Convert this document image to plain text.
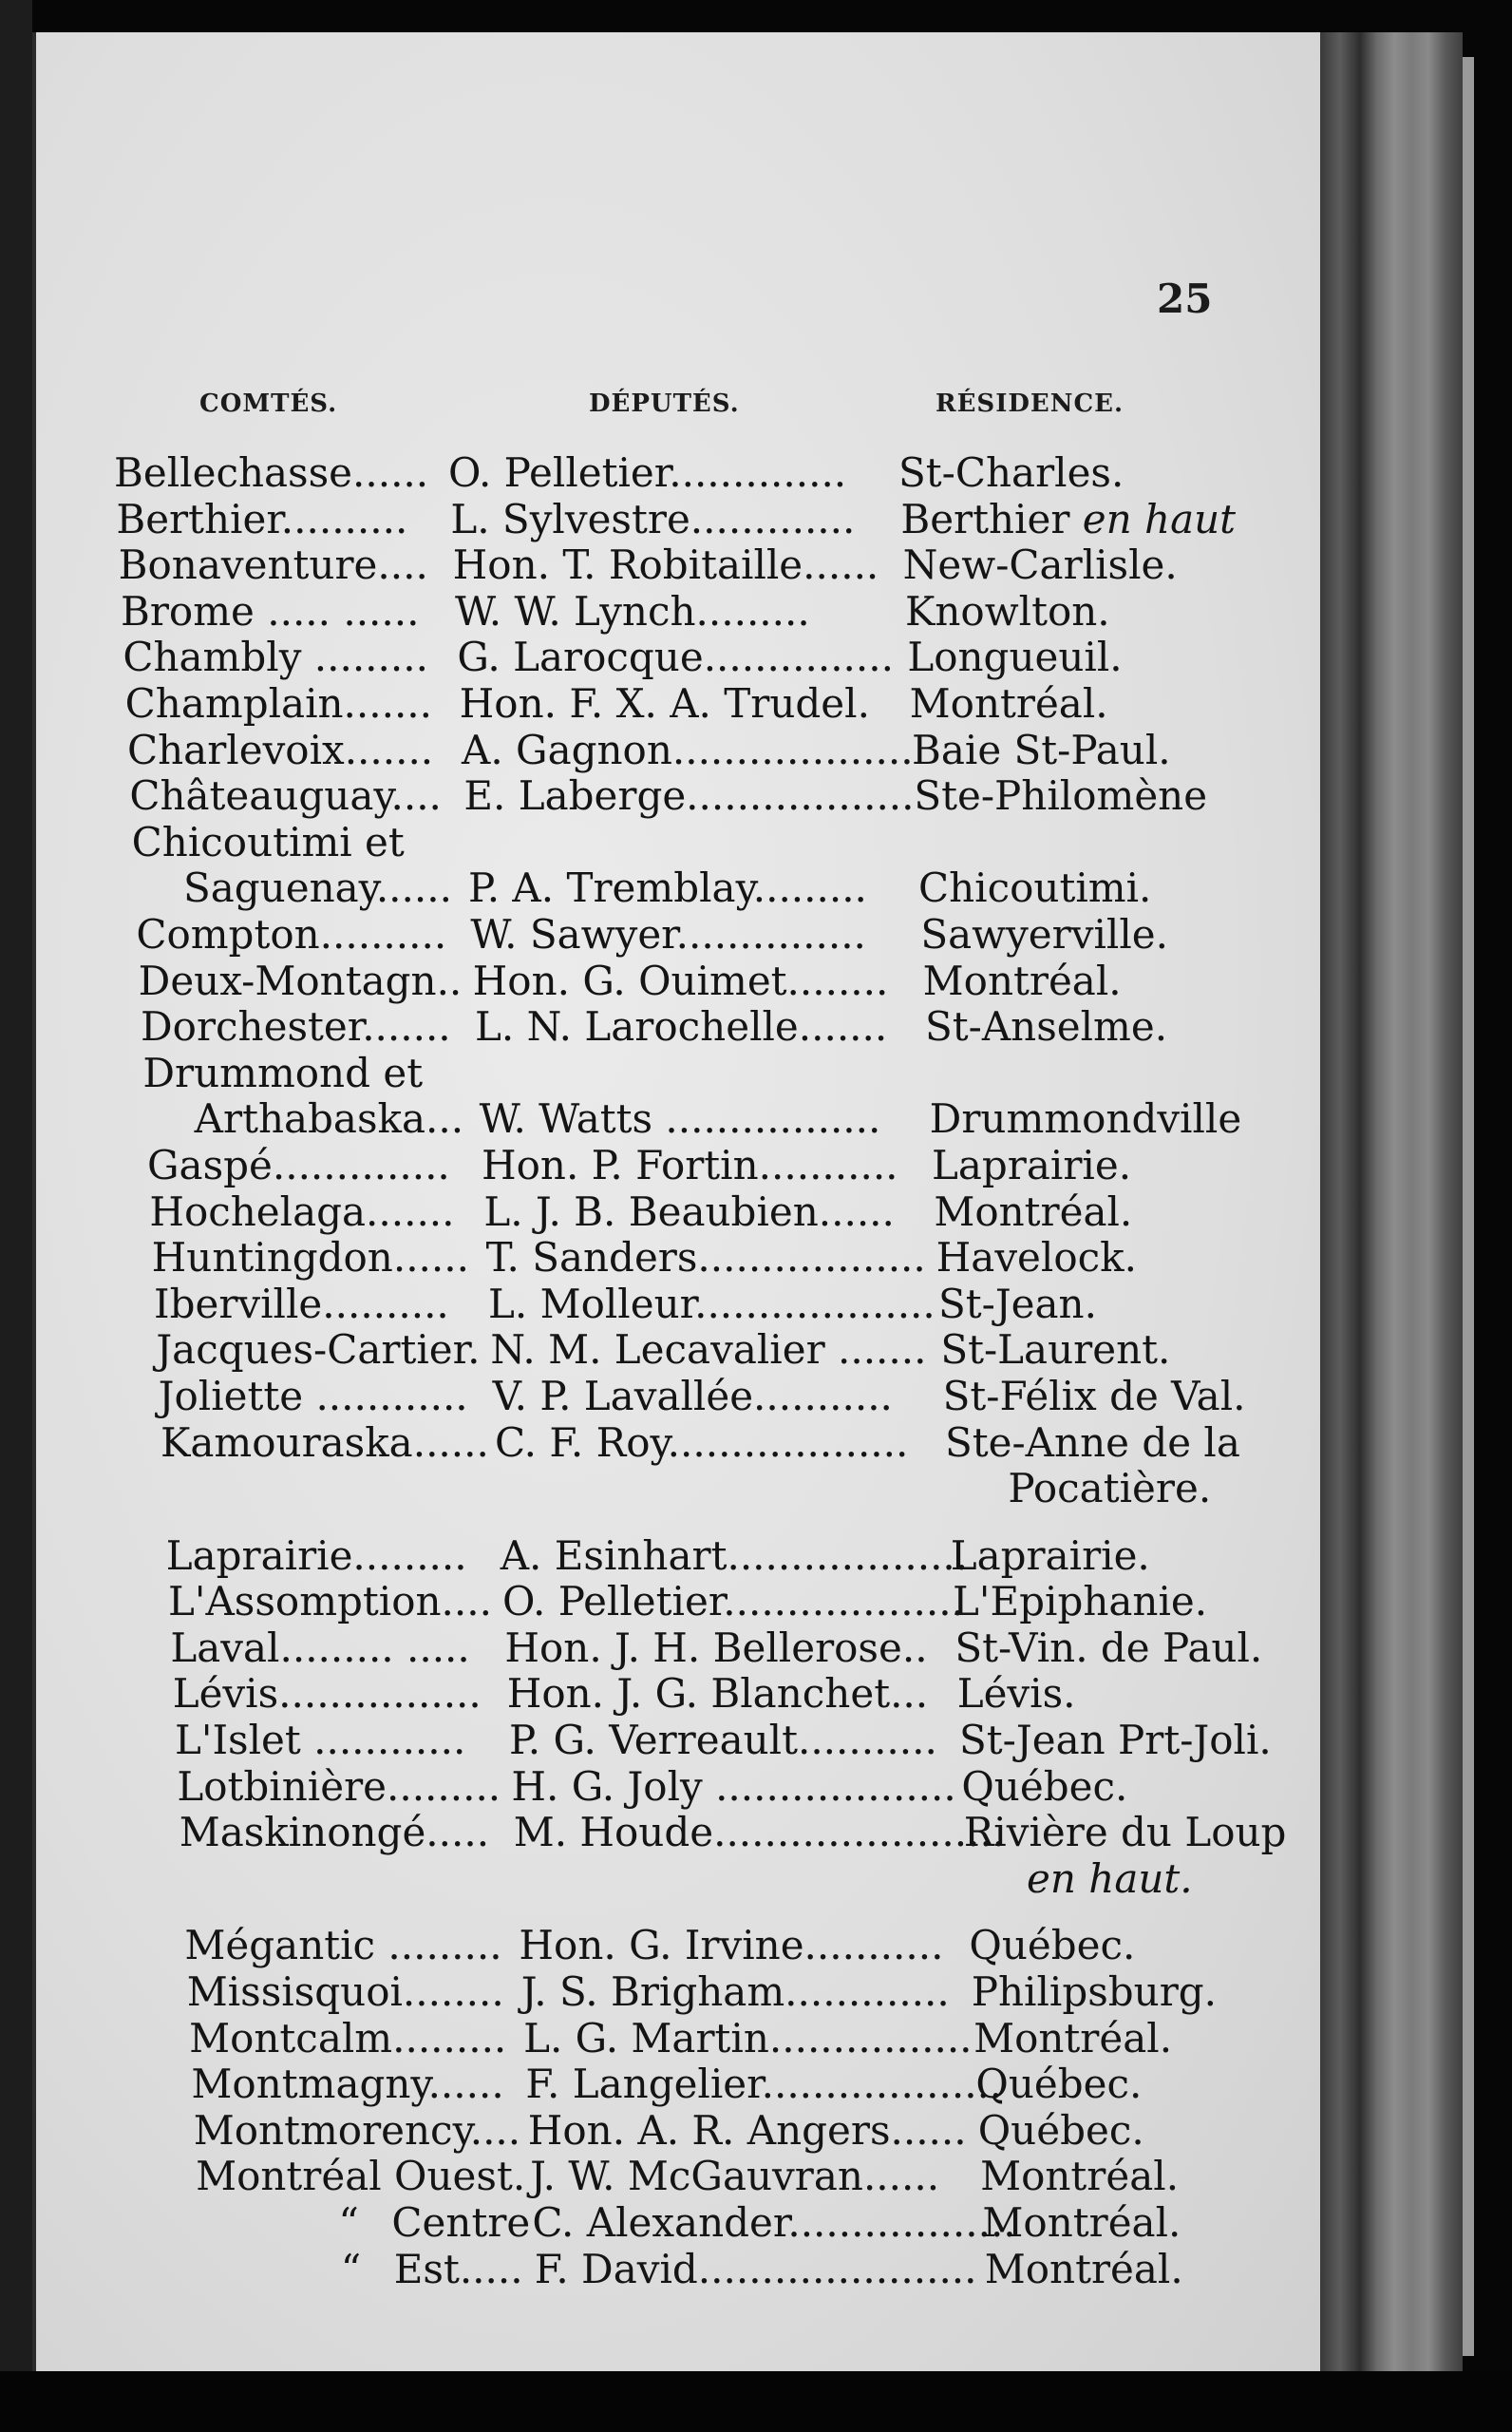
25
COMTÉS.	DÉPUTÉS.	RÉSIDENCE.
Bellechasse...... O. Pelletier.............. St-Charles.
Berthier.......... L. Sylvestre............. Berthier en haut
Bonaventure.... Hon. T. Robitaille...... New-Carlisle.
Brome ..... ...... W. W. Lynch......... Knowlton.
Chambly ......... G. Larocque............... Longueuil.
Champlain....... Hon. F. X. A. Trudel. Montréal.
Charlevoix....... A. Gagnon...................
Baie St-Paul.
Châteauguay.... E. Laberge.................. Ste-Philomène
Chicoutimi et
Saguenay...... P. A. Tremblay......... Chicoutimi.
Compton.......... W. Sawyer............... Sawyerville.
Deux-Montagn.. Hon. G. Ouimet........ Montréal.
Dorchester....... L. N. Larochelle....... St-Anselme.
Drummond et
Arthabaska... W. Watts ................. Drummondville
Gaspé.............. Hon. P. Fortin........... Laprairie.
Hochelaga....... L. J. B. Beaubien...... Montréal.
Huntingdon...... T. Sanders.................. Havelock.
Iberville.......... L. Molleur................... St-Jean.
Jacques-Cartier. N. M. Lecavalier ....... St-Laurent.
Joliette ............ V. P. Lavallée........... St-Félix de Val.
Kamouraska...... C. F. Roy................... Ste-Anne de la
Pocatière.
Laprairie......... A. Esinhart...................
Laprairie.
L'Assomption.... O. Pelletier...................
L'Epiphanie.
Laval......... ..... Hon. J. H. Bellerose.. St-Vin. de Paul.
Lévis................ Hon. J. G. Blanchet... Lévis.
L'Islet ............ P. G. Verreault........... St-Jean Prt-Joli.
Lotbinière......... H. G. Joly ................... Québec.
Maskinongé..... M. Houde.......................
Rivière du Loup
en haut.
Mégantic ......... Hon. G. Irvine........... Québec.
Missisquoi........ J. S. Brigham............. Philipsburg.
Montcalm......... L. G. Martin................ Montréal.
Montmagny...... F. Langelier...................
Québec.
Montmorency.... Hon. A. R. Angers...... Québec.
Montréal Ouest. J. W. McGauvran...... Montréal.
“ Centre C. Alexander..................
Montréal.
“ Est..... F. David...................... Montréal.
